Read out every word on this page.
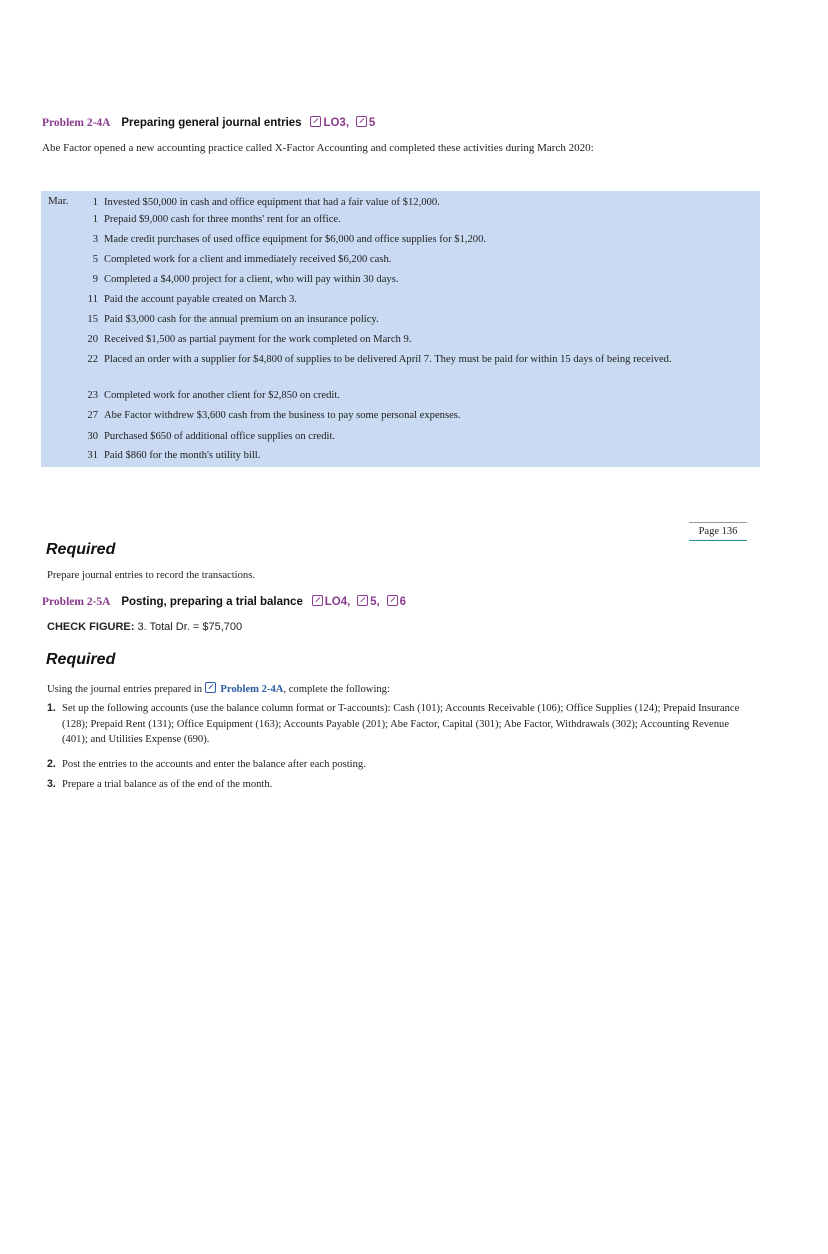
Problem 2-4A Preparing general journal entries LO3, 5
Abe Factor opened a new accounting practice called X-Factor Accounting and completed these activities during March 2020:
Mar.	1 Invested $50,000 in cash and office equipment that had a fair value of $12,000.
1 Prepaid $9,000 cash for three months' rent for an office.
3 Made credit purchases of used office equipment for $6,000 and office supplies for $1,200.
5 Completed work for a client and immediately received $6,200 cash.
9 Completed a $4,000 project for a client, who will pay within 30 days.
11 Paid the account payable created on March 3.
15 Paid $3,000 cash for the annual premium on an insurance policy.
20 Received $1,500 as partial payment for the work completed on March 9.
22 Placed an order with a supplier for $4,800 of supplies to be delivered April 7. They must be paid for within 15 days of being received.
23 Completed work for another client for $2,850 on credit.
27 Abe Factor withdrew $3,600 cash from the business to pay some personal expenses.
30 Purchased $650 of additional office supplies on credit.
31 Paid $860 for the month's utility bill.
Page 136
Required
Prepare journal entries to record the transactions.
Problem 2-5A Posting, preparing a trial balance LO4, 5, 6
CHECK FIGURE: 3. Total Dr. = $75,700
Required
Using the journal entries prepared in Problem 2-4A, complete the following:
1. Set up the following accounts (use the balance column format or T-accounts): Cash (101); Accounts Receivable (106); Office Supplies (124); Prepaid Insurance (128); Prepaid Rent (131); Office Equipment (163); Accounts Payable (201); Abe Factor, Capital (301); Abe Factor, Withdrawals (302); Accounting Revenue (401); and Utilities Expense (690).
2. Post the entries to the accounts and enter the balance after each posting.
3. Prepare a trial balance as of the end of the month.
